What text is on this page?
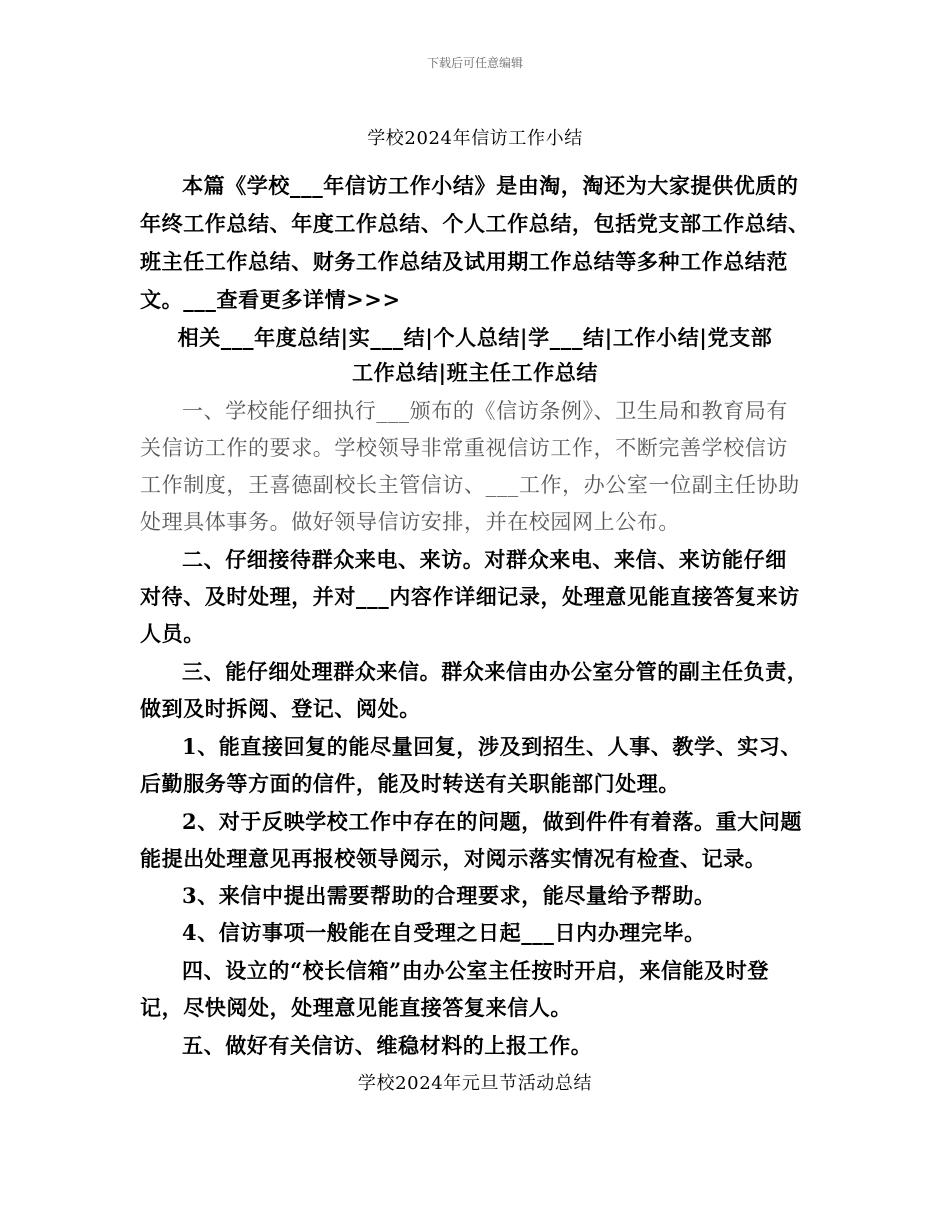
下载后可任意编辑
学校2024年信访工作小结
本篇《学校___年信访工作小结》是由淘，淘还为大家提供优质的
年终工作总结、年度工作总结、个人工作总结，包括党支部工作总结、
班主任工作总结、财务工作总结及试用期工作总结等多种工作总结范
文。___查看更多详情>>>
相关___年度总结|实___结|个人总结|学___结|工作小结|党支部
工作总结|班主任工作总结
一、学校能仔细执行___颁布的《信访条例》、卫生局和教育局有
关信访工作的要求。学校领导非常重视信访工作，不断完善学校信访
工作制度，王喜德副校长主管信访、___工作，办公室一位副主任协助
处理具体事务。做好领导信访安排，并在校园网上公布。
二、仔细接待群众来电、来访。对群众来电、来信、来访能仔细
对待、及时处理，并对___内容作详细记录，处理意见能直接答复来访
人员。
三、能仔细处理群众来信。群众来信由办公室分管的副主任负责，
做到及时拆阅、登记、阅处。
1、能直接回复的能尽量回复，涉及到招生、人事、教学、实习、
后勤服务等方面的信件，能及时转送有关职能部门处理。
2、对于反映学校工作中存在的问题，做到件件有着落。重大问题
能提出处理意见再报校领导阅示，对阅示落实情况有检查、记录。
3、来信中提出需要帮助的合理要求，能尽量给予帮助。
4、信访事项一般能在自受理之日起___日内办理完毕。
四、设立的“校长信箱”由办公室主任按时开启，来信能及时登
记，尽快阅处，处理意见能直接答复来信人。
五、做好有关信访、维稳材料的上报工作。
学校2024年元旦节活动总结
